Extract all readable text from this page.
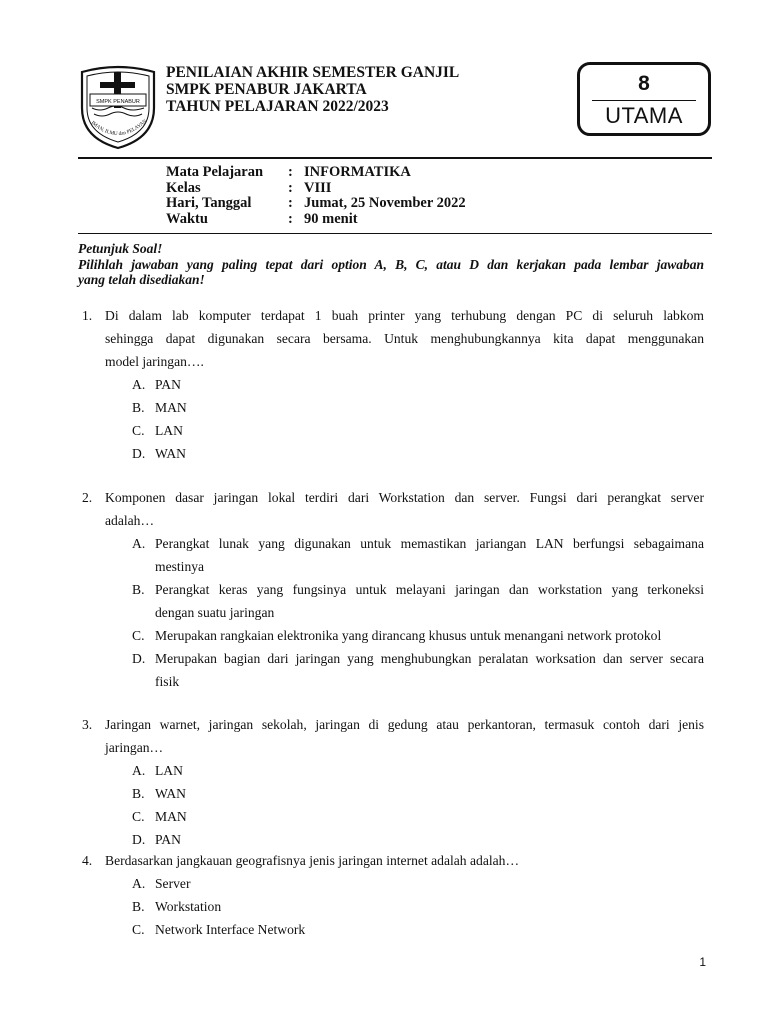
SMPK PENABUR
IMAN, ILMU dan PELAYAN
PENILAIAN AKHIR SEMESTER GANJIL
SMPK PENABUR JAKARTA
TAHUN PELAJARAN 2022/2023
8
UTAMA
Mata Pelajaran	: INFORMATIKA
Kelas	: VIII
Hari, Tanggal	: Jumat, 25 November 2022
Waktu	: 90 menit
Petunjuk Soal!
Pilihlah jawaban yang paling tepat dari option A, B, C, atau D dan kerjakan pada lembar jawaban
yang telah disediakan!
1. Di dalam lab komputer terdapat 1 buah printer yang terhubung dengan PC di seluruh labkom
sehingga dapat digunakan secara bersama. Untuk menghubungkannya kita dapat menggunakan
model jaringan….
A. PAN
B. MAN
C. LAN
D. WAN
2. Komponen dasar jaringan lokal terdiri dari Workstation dan server. Fungsi dari perangkat server
adalah…
A. Perangkat lunak yang digunakan untuk memastikan jariangan LAN berfungsi sebagaimana
mestinya
B. Perangkat keras yang fungsinya untuk melayani jaringan dan workstation yang terkoneksi
dengan suatu jaringan
C. Merupakan rangkaian elektronika yang dirancang khusus untuk menangani network protokol
D. Merupakan bagian dari jaringan yang menghubungkan peralatan worksation dan server secara
fisik
3. Jaringan warnet, jaringan sekolah, jaringan di gedung atau perkantoran, termasuk contoh dari jenis
jaringan…
A. LAN
B. WAN
C. MAN
D. PAN
4. Berdasarkan jangkauan geografisnya jenis jaringan internet adalah adalah…
A. Server
B. Workstation
C. Network Interface Network
1
